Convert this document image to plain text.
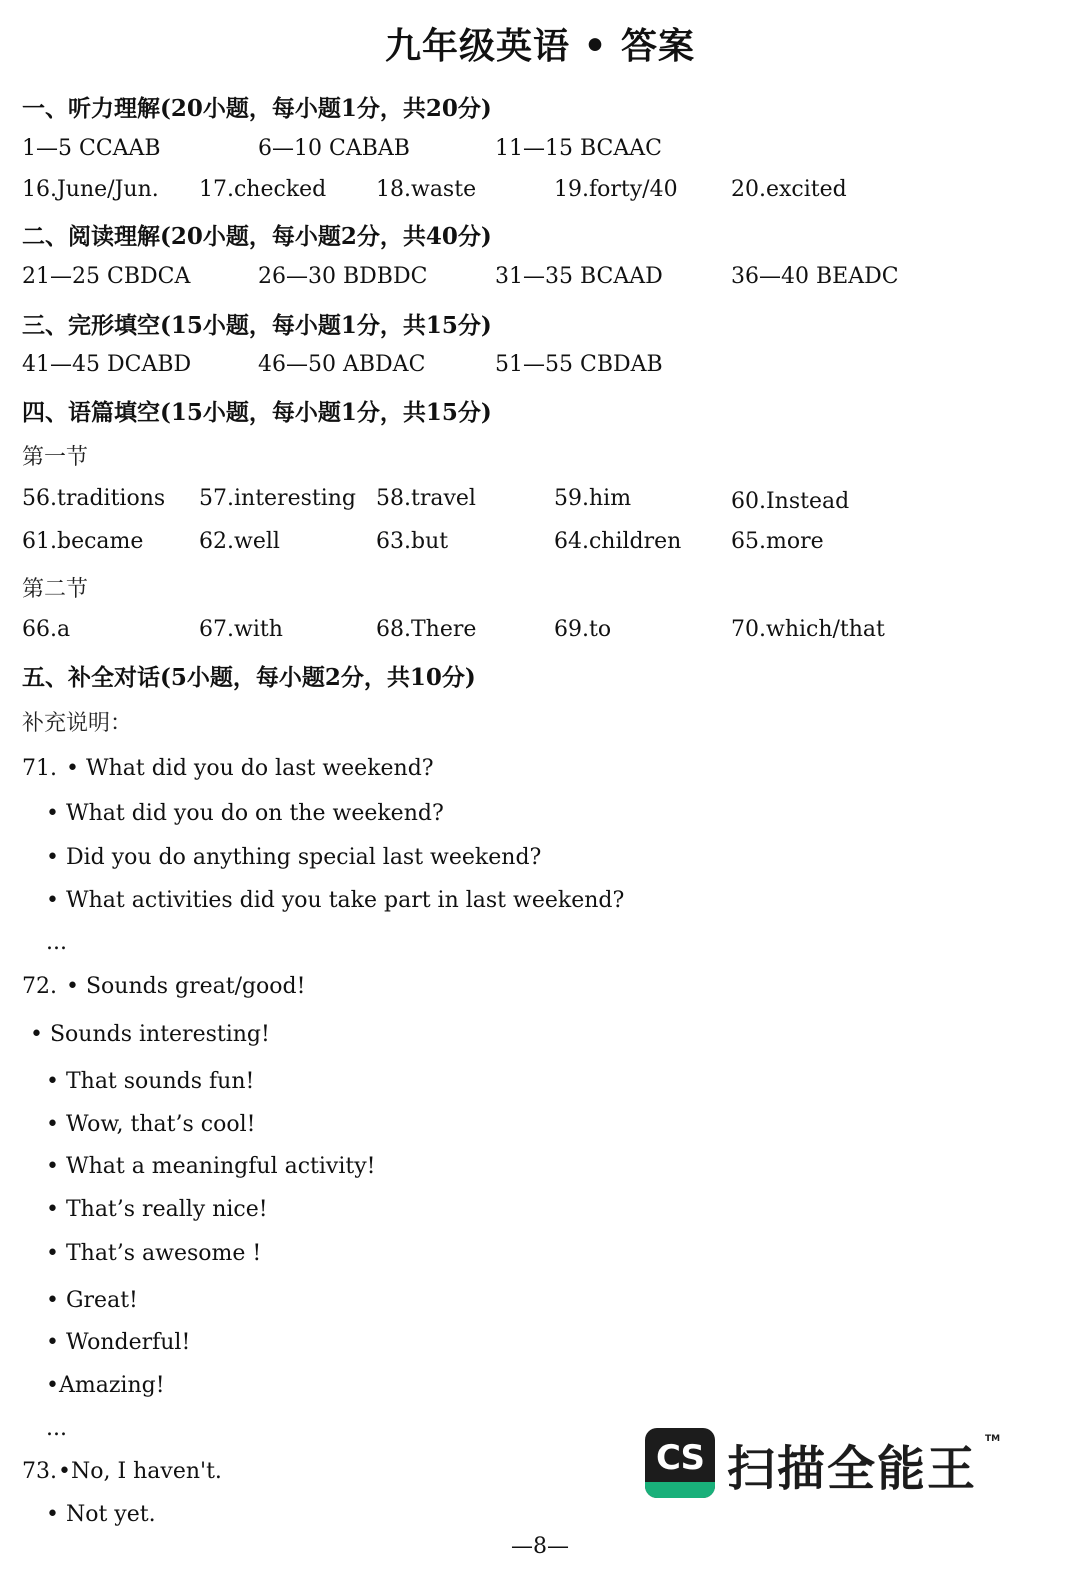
九年级英语 • 答案
一、听力理解(20小题，每小题1分，共20分)
1—5 CCAAB	6—10 CABAB	11—15 BCAAC
16.June/Jun. 17.checked 18.waste	19.forty/40 20.excited
二、阅读理解(20小题，每小题2分，共40分)
21—25 CBDCA	26—30 BDBDC	31—35 BCAAD	36—40 BEADC
三、完形填空(15小题，每小题1分，共15分)
41—45 DCABD	46—50 ABDAC	51—55 CBDAB
四、语篇填空(15小题，每小题1分，共15分)
第一节
56.traditions 57.interesting 58.travel	59.him	60.Instead
61.became	62.well	63.but	64.children 65.more
第二节
66.a	67.with	68.There	69.to	70.which/that
五、补全对话(5小题，每小题2分，共10分)
补充说明：
71. • What did you do last weekend?
• What did you do on the weekend?
• Did you do anything special last weekend?
• What activities did you take part in last weekend?
...
72. • Sounds great/good!
• Sounds interesting!
• That sounds fun!
• Wow, that’s cool!
• What a meaningful activity!
• That’s really nice!
• That’s awesome !
• Great!
• Wonderful!
•Amazing!
...
73. •No, I haven't.
• Not yet.
CS 扫描全能王
TM
—8—
